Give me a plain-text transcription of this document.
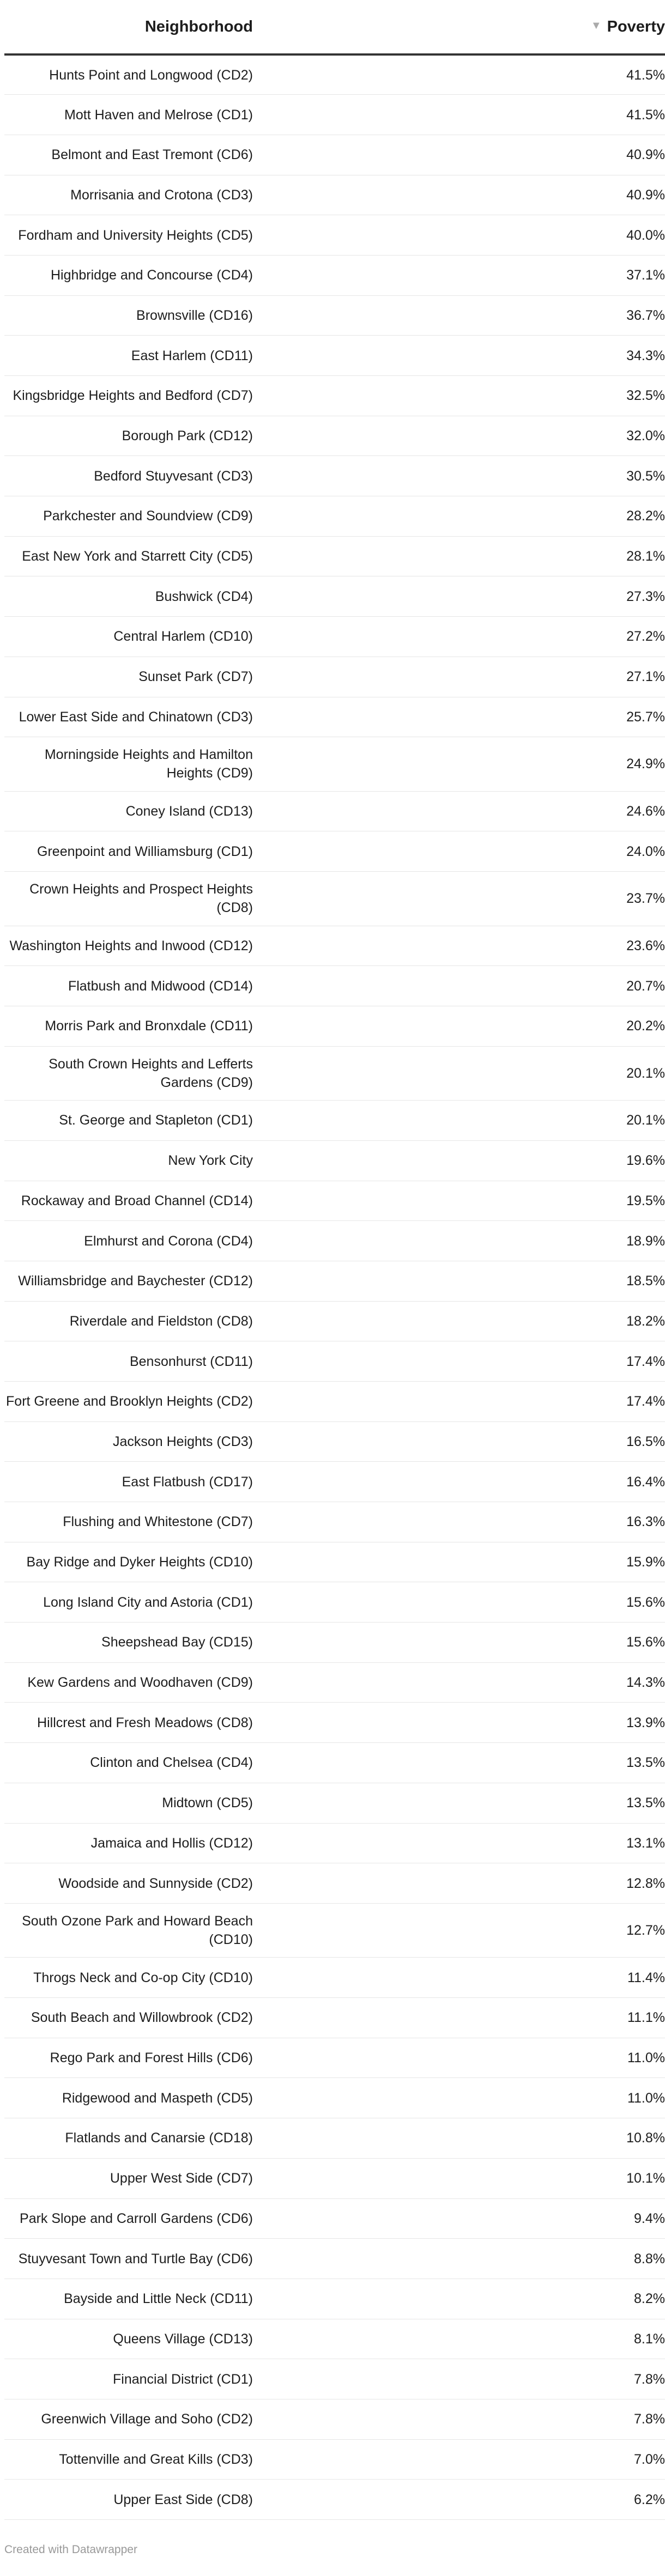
Neighborhood		▼ Poverty
Hunts Point and Longwood (CD2)		41.5%
Mott Haven and Melrose (CD1)		41.5%
Belmont and East Tremont (CD6)		40.9%
Morrisania and Crotona (CD3)		40.9%
Fordham and University Heights (CD5)		40.0%
Highbridge and Concourse (CD4)		37.1%
Brownsville (CD16)		36.7%
East Harlem (CD11)		34.3%
Kingsbridge Heights and Bedford (CD7)		32.5%
Borough Park (CD12)		32.0%
Bedford Stuyvesant (CD3)		30.5%
Parkchester and Soundview (CD9)		28.2%
East New York and Starrett City (CD5)		28.1%
Bushwick (CD4)		27.3%
Central Harlem (CD10)		27.2%
Sunset Park (CD7)		27.1%
Lower East Side and Chinatown (CD3)		25.7%
Morningside Heights and Hamilton Heights (CD9)		24.9%
Coney Island (CD13)		24.6%
Greenpoint and Williamsburg (CD1)		24.0%
Crown Heights and Prospect Heights (CD8)		23.7%
Washington Heights and Inwood (CD12)		23.6%
Flatbush and Midwood (CD14)		20.7%
Morris Park and Bronxdale (CD11)		20.2%
South Crown Heights and Lefferts Gardens (CD9)		20.1%
St. George and Stapleton (CD1)		20.1%
New York City		19.6%
Rockaway and Broad Channel (CD14)		19.5%
Elmhurst and Corona (CD4)		18.9%
Williamsbridge and Baychester (CD12)		18.5%
Riverdale and Fieldston (CD8)		18.2%
Bensonhurst (CD11)		17.4%
Fort Greene and Brooklyn Heights (CD2)		17.4%
Jackson Heights (CD3)		16.5%
East Flatbush (CD17)		16.4%
Flushing and Whitestone (CD7)		16.3%
Bay Ridge and Dyker Heights (CD10)		15.9%
Long Island City and Astoria (CD1)		15.6%
Sheepshead Bay (CD15)		15.6%
Kew Gardens and Woodhaven (CD9)		14.3%
Hillcrest and Fresh Meadows (CD8)		13.9%
Clinton and Chelsea (CD4)		13.5%
Midtown (CD5)		13.5%
Jamaica and Hollis (CD12)		13.1%
Woodside and Sunnyside (CD2)		12.8%
South Ozone Park and Howard Beach (CD10)		12.7%
Throgs Neck and Co-op City (CD10)		11.4%
South Beach and Willowbrook (CD2)		11.1%
Rego Park and Forest Hills (CD6)		11.0%
Ridgewood and Maspeth (CD5)		11.0%
Flatlands and Canarsie (CD18)		10.8%
Upper West Side (CD7)		10.1%
Park Slope and Carroll Gardens (CD6)		9.4%
Stuyvesant Town and Turtle Bay (CD6)		8.8%
Bayside and Little Neck (CD11)		8.2%
Queens Village (CD13)		8.1%
Financial District (CD1)		7.8%
Greenwich Village and Soho (CD2)		7.8%
Tottenville and Great Kills (CD3)		7.0%
Upper East Side (CD8)		6.2%
Created with Datawrapper
